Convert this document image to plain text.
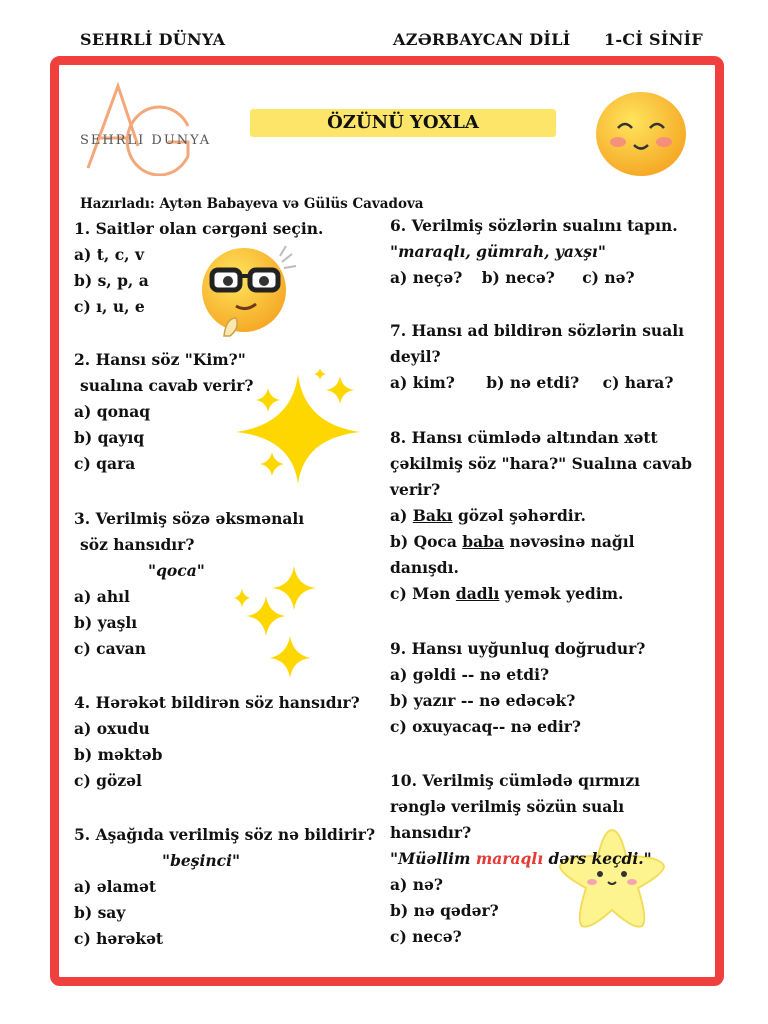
SEHRLİ DÜNYA	AZƏRBAYCAN DİLİ 1-Cİ SİNİF
SEHRLI DUNYA
ÖZÜNÜ YOXLA
Hazırladı: Aytən Babayeva və Gülüs Cavadova
1. Saitlər olan cərgəni seçin.
a) t, c, v
b) s, p, a
c) ı, u, e
2. Hansı söz "Kim?"
sualına cavab verir?
a) qonaq
b) qayıq
c) qara
3. Verilmiş sözə əksmənalı
söz hansıdır?
"qoca"
a) ahıl
b) yaşlı
c) cavan
4. Hərəkət bildirən söz hansıdır?
a) oxudu
b) məktəb
c) gözəl
5. Aşağıda verilmiş söz nə bildirir?
"beşinci"
a) əlamət
b) say
c) hərəkət
6. Verilmiş sözlərin sualını tapın.
"maraqlı, gümrah, yaxşı"
a) neçə? b) necə? c) nə?
7. Hansı ad bildirən sözlərin sualı
deyil?
a) kim? b) nə etdi? c) hara?
8. Hansı cümlədə altından xətt
çəkilmiş söz "hara?" Sualına cavab
verir?
a) Bakı gözəl şəhərdir.
b) Qoca baba nəvəsinə nağıl
danışdı.
c) Mən dadlı yemək yedim.
9. Hansı uyğunluq doğrudur?
a) gəldi -- nə etdi?
b) yazır -- nə edəcək?
c) oxuyacaq-- nə edir?
10. Verilmiş cümlədə qırmızı
rənglə verilmiş sözün sualı
hansıdır?
"Müəllim maraqlı dərs keçdi."
a) nə?
b) nə qədər?
c) necə?
